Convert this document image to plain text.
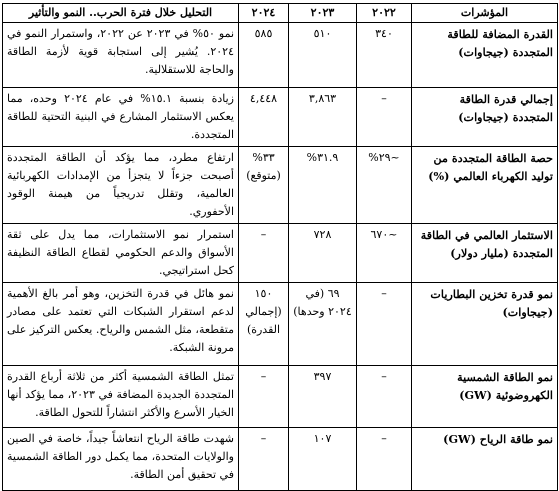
المؤشرات	٢٠٢٢	٢٠٢٣	٢٠٢٤	التحليل خلال فترة الحرب.. النمو والتأثير
القدرة المضافة للطاقة المتجددة (جيجاوات)	٣٤٠	٥١٠	٥٨٥	نمو ٥٠% في ٢٠٢٣ عن ٢٠٢٢، واستمرار النمو في ٢٠٢٤. يُشير إلى استجابة قوية لأزمة الطاقة والحاجة للاستقلالية.
إجمالي قدرة الطاقة المتجددة (جيجاوات)	–	٣,٨٦٣	٤,٤٤٨	زيادة بنسبة ١٥.١% في عام ٢٠٢٤ وحده، مما يعكس الاستثمار المشارع في البنية التحتية للطاقة المتجددة.
حصة الطاقة المتجددة من توليد الكهرباء العالمي (%)	~٢٩%	٣١.٩%	٣٣% (متوقع)	ارتفاع مطرد، مما يؤكد أن الطاقة المتجددة أصبحت جزءاً لا يتجزأ من الإمدادات الكهربائية العالمية، وتقلل تدريجياً من هيمنة الوقود الأحفوري.
الاستثمار العالمي في الطاقة المتجددة (مليار دولار)	~٦٧٠	٧٢٨	–	استمرار نمو الاستثمارات، مما يدل على ثقة الأسواق والدعم الحكومي لقطاع الطاقة النظيفة كحل استراتيجي.
نمو قدرة تخزين البطاريات (جيجاوات)	–	٦٩ (في ٢٠٢٤ وحدها)	١٥٠ (إجمالي القدرة)	نمو هائل في قدرة التخزين، وهو أمر بالغ الأهمية لدعم استقرار الشبكات التي تعتمد على مصادر متقطعة، مثل الشمس والرياح. يعكس التركيز على مرونة الشبكة.
نمو الطاقة الشمسية الكهروضوئية (GW)	–	٣٩٧	–	تمثل الطاقة الشمسية أكثر من ثلاثة أرباع القدرة المتجددة الجديدة المضافة في ٢٠٢٣، مما يؤكد أنها الخيار الأسرع والأكثر انتشاراً للتحول الطاقة.
نمو طاقة الرياح (GW)	–	١٠٧	–	شهدت طاقة الرياح انتعاشاً جيداً، خاصة في الصين والولايات المتحدة، مما يكمل دور الطاقة الشمسية في تحقيق أمن الطاقة.
